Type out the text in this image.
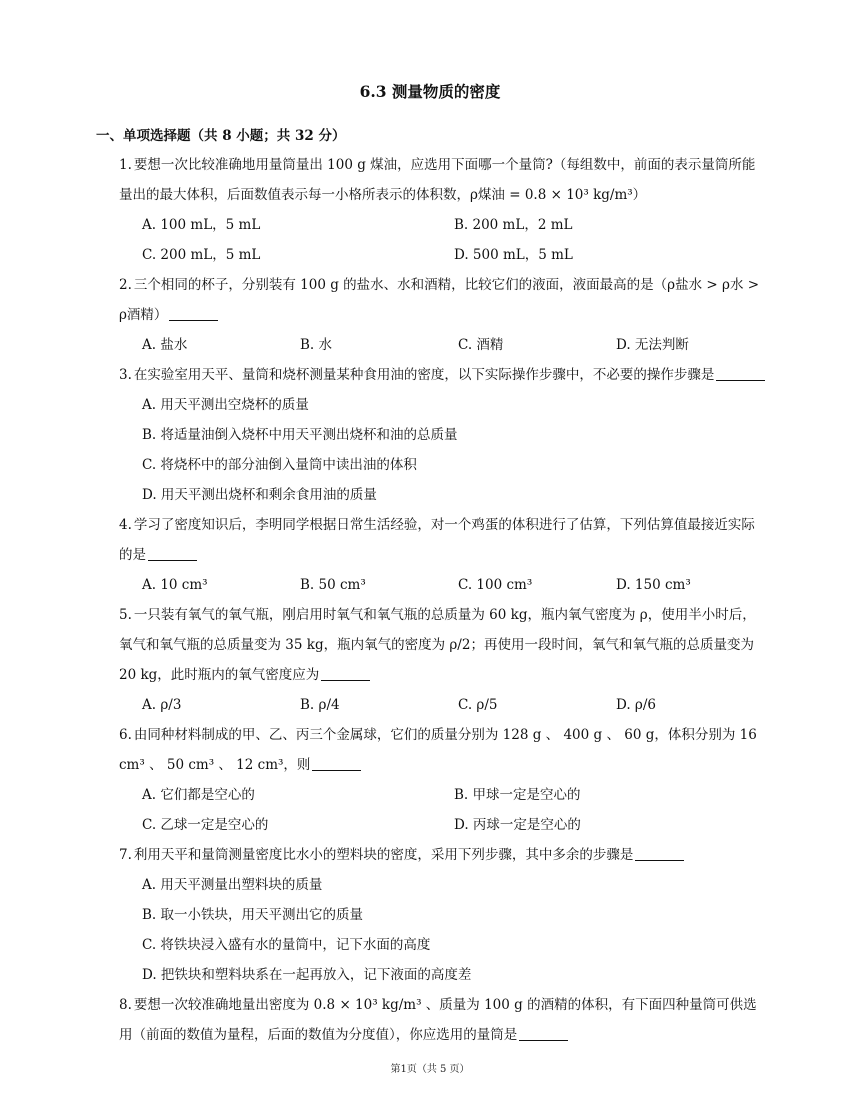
6.3 测量物质的密度
一、单项选择题（共 8 小题；共 32 分）
1. 要想一次比较准确地用量筒量出 100 g 煤油，应选用下面哪一个量筒?（每组数中，前面的表示量筒所能量出的最大体积，后面数值表示每一小格所表示的体积数，ρ煤油 = 0.8 × 10³ kg/m³）
A. 100 mL，5 mL	B. 200 mL，2 mL
C. 200 mL，5 mL	D. 500 mL，5 mL
2. 三个相同的杯子，分别装有 100 g 的盐水、水和酒精，比较它们的液面，液面最高的是（ρ盐水 > ρ水 > ρ酒精）
A. 盐水	B. 水	C. 酒精	D. 无法判断
3. 在实验室用天平、量筒和烧杯测量某种食用油的密度，以下实际操作步骤中，不必要的操作步骤是
A. 用天平测出空烧杯的质量
B. 将适量油倒入烧杯中用天平测出烧杯和油的总质量
C. 将烧杯中的部分油倒入量筒中读出油的体积
D. 用天平测出烧杯和剩余食用油的质量
4. 学习了密度知识后，李明同学根据日常生活经验，对一个鸡蛋的体积进行了估算，下列估算值最接近实际的是
A. 10 cm³	B. 50 cm³	C. 100 cm³	D. 150 cm³
5. 一只装有氧气的氧气瓶，刚启用时氧气和氧气瓶的总质量为 60 kg，瓶内氧气密度为 ρ，使用半小时后，氧气和氧气瓶的总质量变为 35 kg，瓶内氧气的密度为 ρ/2；再使用一段时间，氧气和氧气瓶的总质量变为 20 kg，此时瓶内的氧气密度应为
A. ρ/3	B. ρ/4	C. ρ/5	D. ρ/6
6. 由同种材料制成的甲、乙、丙三个金属球，它们的质量分别为 128 g 、 400 g 、 60 g，体积分别为 16 cm³ 、 50 cm³ 、 12 cm³，则
A. 它们都是空心的	B. 甲球一定是空心的
C. 乙球一定是空心的	D. 丙球一定是空心的
7. 利用天平和量筒测量密度比水小的塑料块的密度，采用下列步骤，其中多余的步骤是
A. 用天平测量出塑料块的质量
B. 取一小铁块，用天平测出它的质量
C. 将铁块浸入盛有水的量筒中，记下水面的高度
D. 把铁块和塑料块系在一起再放入，记下液面的高度差
8. 要想一次较准确地量出密度为 0.8 × 10³ kg/m³ 、质量为 100 g 的酒精的体积，有下面四种量筒可供选用（前面的数值为量程，后面的数值为分度值），你应选用的量筒是
第1页（共 5 页）
